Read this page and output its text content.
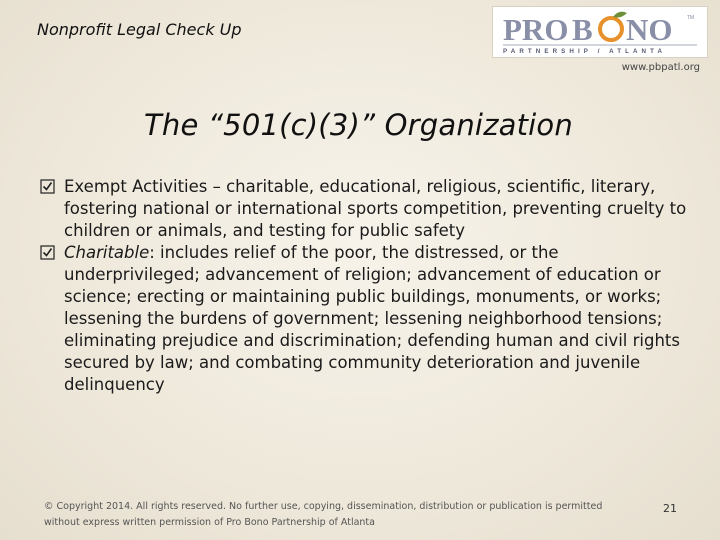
Nonprofit Legal Check Up	PRO B NO	TM
PARTNERSHIP / ATLANTA
www.pbpatl.org
The “501(c)(3)” Organization
Exempt Activities – charitable, educational, religious, scientific, literary, fostering national or international sports competition, preventing cruelty to children or animals, and testing for public safety
Charitable: includes relief of the poor, the distressed, or the underprivileged; advancement of religion; advancement of education or science; erecting or maintaining public buildings, monuments, or works; lessening the burdens of government; lessening neighborhood tensions; eliminating prejudice and discrimination; defending human and civil rights secured by law; and combating community deterioration and juvenile delinquency
© Copyright 2014. All rights reserved. No further use, copying, dissemination, distribution or publication is permitted without express written permission of Pro Bono Partnership of Atlanta
21
